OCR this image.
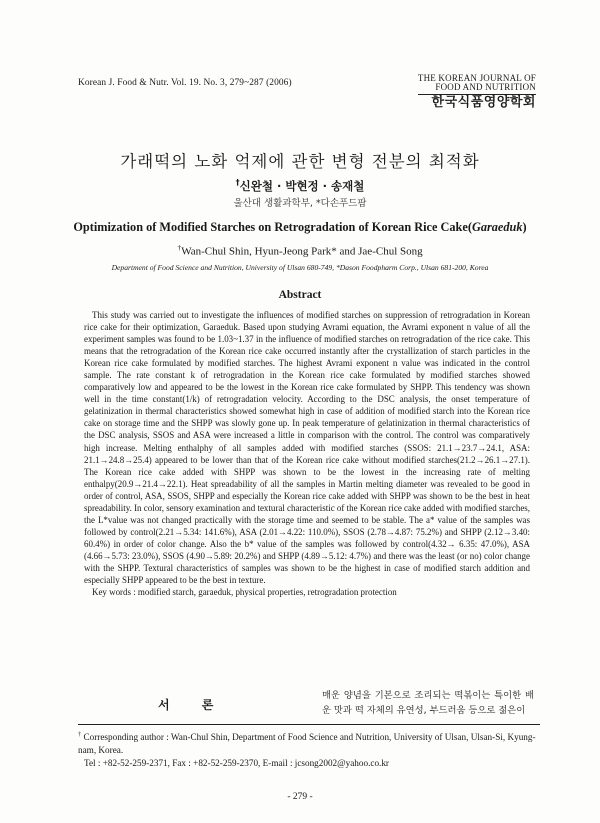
Korean J. Food & Nutr. Vol. 19. No. 3, 279~287 (2006)	THE KOREAN JOURNAL OF
FOOD AND NUTRITION
한국식품영양학회
가래떡의 노화 억제에 관한 변형 전분의 최적화
†신완철 · 박현정 · 송재철
울산대 생활과학부, *다손푸드팜
Optimization of Modified Starches on Retrogradation of Korean Rice Cake(Garaeduk)
†Wan-Chul Shin, Hyun-Jeong Park* and Jae-Chul Song
Department of Food Science and Nutrition, University of Ulsan 680-749, *Dason Foodpharm Corp., Ulsan 681-200, Korea
Abstract
This study was carried out to investigate the influences of modified starches on suppression of retrogradation in Korean rice cake for their optimization, Garaeduk. Based upon studying Avrami equation, the Avrami exponent n value of all the experiment samples was found to be 1.03~1.37 in the influence of modified starches on retrogradation of the rice cake. This means that the retrogradation of the Korean rice cake occurred instantly after the crystallization of starch particles in the Korean rice cake formulated by modified starches. The highest Avrami exponent n value was indicated in the control sample. The rate constant k of retrogradation in the Korean rice cake formulated by modified starches showed comparatively low and appeared to be the lowest in the Korean rice cake formulated by SHPP. This tendency was shown well in the time constant(1/k) of retrogradation velocity. According to the DSC analysis, the onset temperature of gelatinization in thermal characteristics showed somewhat high in case of addition of modified starch into the Korean rice cake on storage time and the SHPP was slowly gone up. In peak temperature of gelatinization in thermal characteristics of the DSC analysis, SSOS and ASA were increased a little in comparison with the control. The control was comparatively high increase. Melting enthalphy of all samples added with modified starches (SSOS: 21.1→23.7→24.1, ASA: 21.1→24.8→25.4) appeared to be lower than that of the Korean rice cake without modified starches(21.2→26.1→27.1). The Korean rice cake added with SHPP was shown to be the lowest in the increasing rate of melting enthalpy(20.9→21.4→22.1). Heat spreadability of all the samples in Martin melting diameter was revealed to be good in order of control, ASA, SSOS, SHPP and especially the Korean rice cake added with SHPP was shown to be the best in heat spreadability. In color, sensory examination and textural characteristic of the Korean rice cake added with modified starches, the L*value was not changed practically with the storage time and seemed to be stable. The a* value of the samples was followed by control(2.21→5.34: 141.6%), ASA (2.01→4.22: 110.0%), SSOS (2.78→4.87: 75.2%) and SHPP (2.12→3.40: 60.4%) in order of color change. Also the b* value of the samples was followed by control(4.32→ 6.35: 47.0%), ASA (4.66→5.73: 23.0%), SSOS (4.90→5.89: 20.2%) and SHPP (4.89→5.12: 4.7%) and there was the least (or no) color change with the SHPP. Textural characteristics of samples was shown to be the highest in case of modified starch addition and especially SHPP appeared to be the best in texture.
Key words : modified starch, garaeduk, physical properties, retrogradation protection
서 론
매운 양념을 기본으로 조리되는 떡볶이는 특이한 배운 맛과 떡 자체의 유연성, 부드러움 등으로 젊은이
† Corresponding author : Wan-Chul Shin, Department of Food Science and Nutrition, University of Ulsan, Ulsan-Si, Kyung-nam, Korea.
Tel : +82-52-259-2371, Fax : +82-52-259-2370, E-mail : jcsong2002@yahoo.co.kr
- 279 -
